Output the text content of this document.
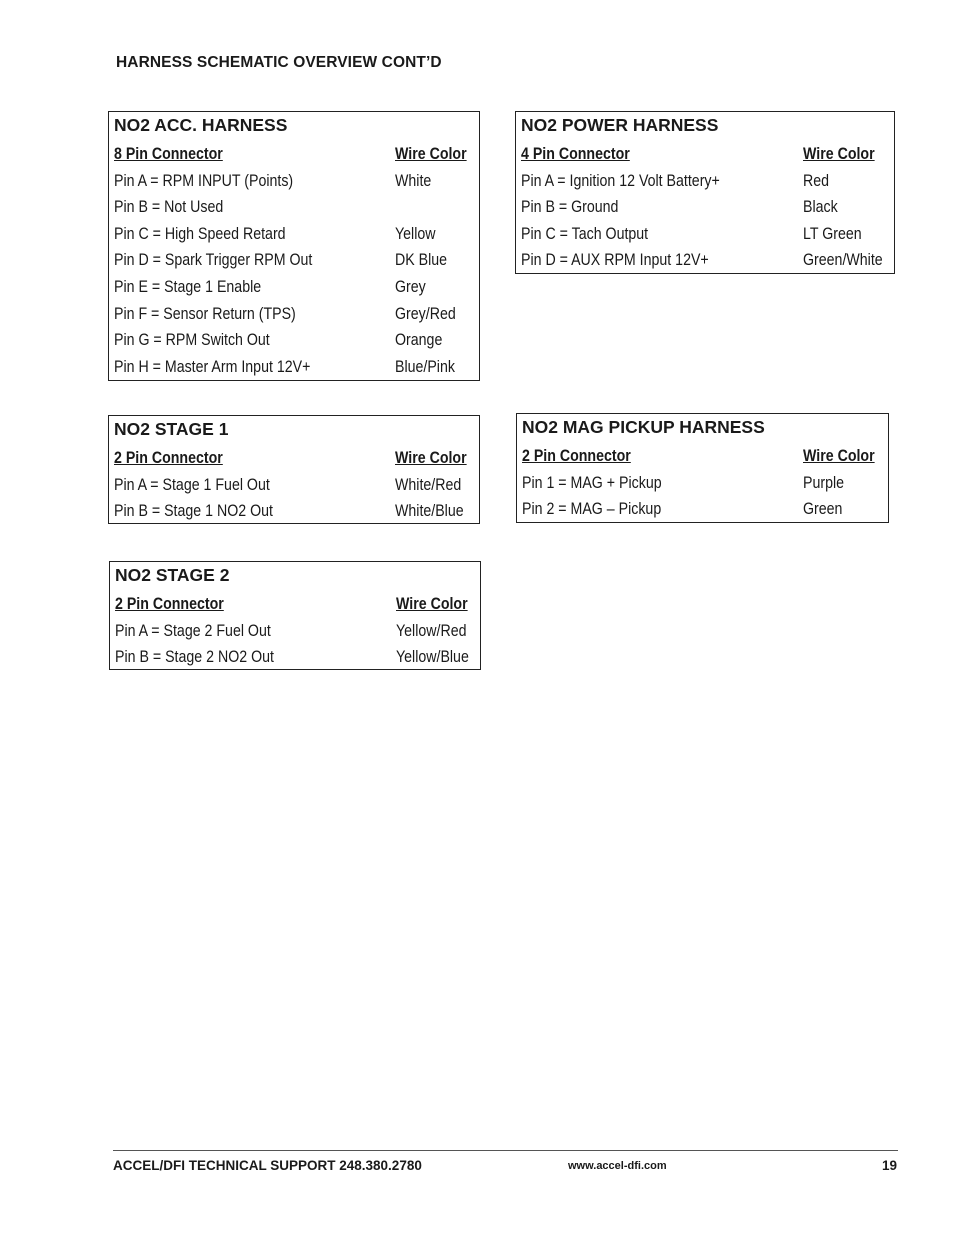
HARNESS SCHEMATIC OVERVIEW CONT’D
NO2 ACC. HARNESS
8 Pin Connector	Wire Color
Pin A = RPM INPUT (Points)	White
Pin B = Not Used
Pin C = High Speed Retard	Yellow
Pin D = Spark Trigger RPM Out	DK Blue
Pin E = Stage 1 Enable	Grey
Pin F = Sensor Return (TPS)	Grey/Red
Pin G = RPM Switch Out	Orange
Pin H = Master Arm Input 12V+	Blue/Pink
NO2 POWER HARNESS
4 Pin Connector	Wire Color
Pin A = Ignition 12 Volt Battery+	Red
Pin B = Ground	Black
Pin C = Tach Output	LT Green
Pin D = AUX RPM Input 12V+	Green/White
NO2 STAGE 1
2 Pin Connector	Wire Color
Pin A = Stage 1 Fuel Out	White/Red
Pin B = Stage 1 NO2 Out	White/Blue
NO2 MAG PICKUP HARNESS
2 Pin Connector	Wire Color
Pin 1 = MAG + Pickup	Purple
Pin 2 = MAG – Pickup	Green
NO2 STAGE 2
2 Pin Connector	Wire Color
Pin A = Stage 2 Fuel Out	Yellow/Red
Pin B = Stage 2 NO2 Out	Yellow/Blue
ACCEL/DFI TECHNICAL SUPPORT 248.380.2780	www.accel-dfi.com	19
